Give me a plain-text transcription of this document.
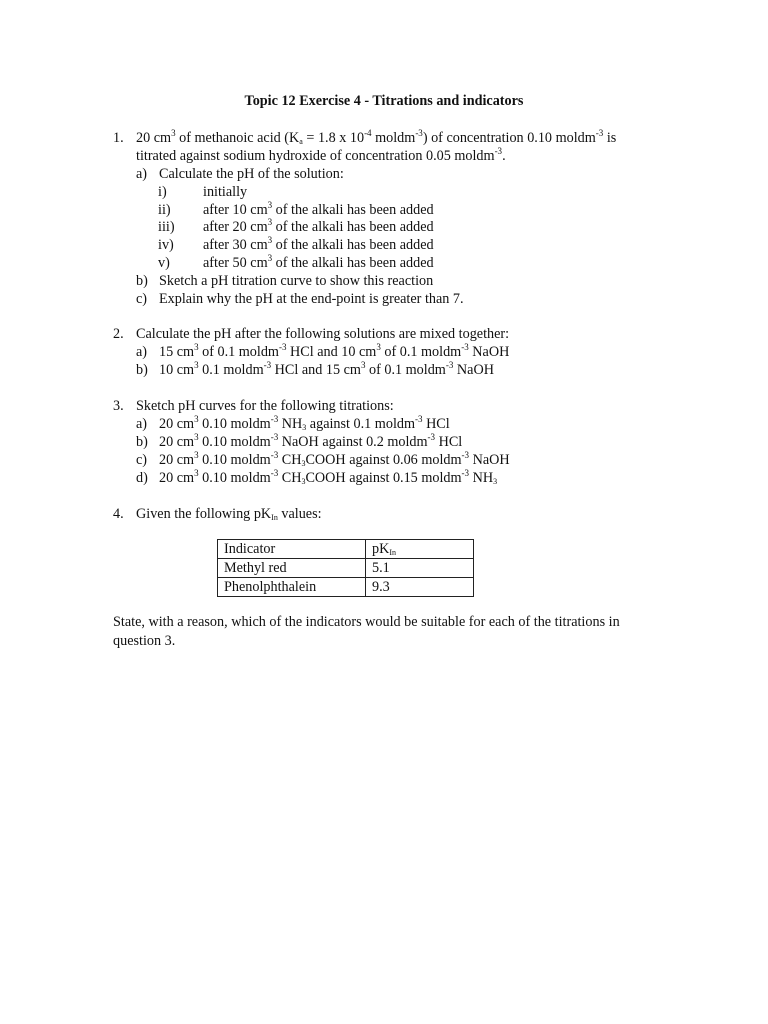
Topic 12 Exercise 4 - Titrations and indicators
1. 20 $cm^3$ of methanoic acid ($K_a = 1.8$ x $10^{-4}$ moldm$^{-3}$) of concentration 0.10 moldm$^{-3}$ is
titrated against sodium hydroxide of concentration 0.05 moldm$^{-3}$.
a) Calculate the pH of the solution:
i)	initially
ii) after 10 $cm^3$ of the alkali has been added
iii) after 20 $cm^3$ of the alkali has been added
iv) after 30 $cm^3$ of the alkali has been added
v) after 50 $cm^3$ of the alkali has been added
b) Sketch a pH titration curve to show this reaction
c) Explain why the pH at the end-point is greater than 7.
2. Calculate the pH after the following solutions are mixed together:
a) 15 $cm^3$ of 0.1 moldm$^{-3}$ HCl and 10 $cm^3$ of 0.1 moldm$^{-3}$ NaOH
b) 10 $cm^3$ 0.1 moldm$^{-3}$ HCl and 15 $cm^3$ of 0.1 moldm$^{-3}$ NaOH
3. Sketch pH curves for the following titrations:
a) 20 $cm^3$ 0.10 moldm$^{-3}$ $NH_3$ against 0.1 moldm$^{-3}$ HCl
b) 20 $cm^3$ 0.10 moldm$^{-3}$ NaOH against 0.2 moldm$^{-3}$ HCl
c) 20 $cm^3$ 0.10 moldm$^{-3}$ $CH_3COOH$ against 0.06 moldm$^{-3}$ NaOH
d) 20 $cm^3$ 0.10 moldm$^{-3}$ $CH_3COOH$ against 0.15 moldm$^{-3}$ $NH_3$
4. Given the following $pK_{In}$ values:
Indicator	$pK_{In}$
Methyl red	5.1
Phenolphthalein	9.3
State, with a reason, which of the indicators would be suitable for each of the titrations in
question 3.
